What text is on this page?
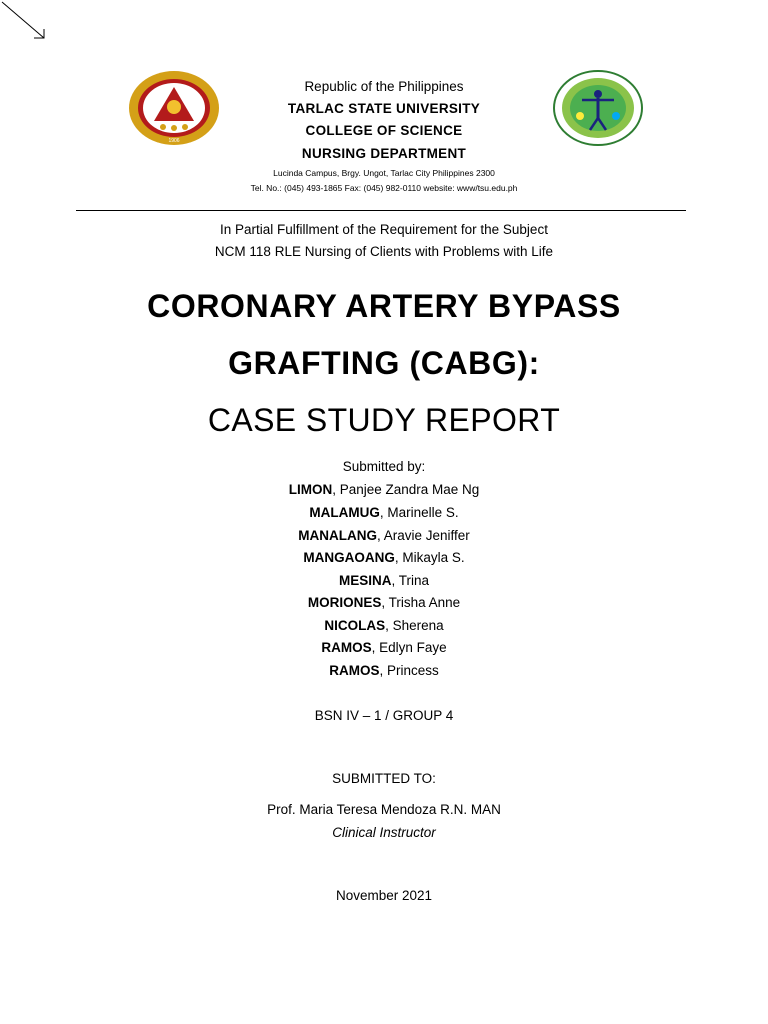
1906
Republic of the Philippines
TARLAC STATE UNIVERSITY
COLLEGE OF SCIENCE
NURSING DEPARTMENT
Lucinda Campus, Brgy. Ungot, Tarlac City Philippines 2300
Tel. No.: (045) 493-1865 Fax: (045) 982-0110 website: www/tsu.edu.ph
In Partial Fulfillment of the Requirement for the Subject
NCM 118 RLE Nursing of Clients with Problems with Life
CORONARY ARTERY BYPASS
GRAFTING (CABG):
CASE STUDY REPORT
Submitted by:
LIMON, Panjee Zandra Mae Ng
MALAMUG, Marinelle S.
MANALANG, Aravie Jeniffer
MANGAOANG, Mikayla S.
MESINA, Trina
MORIONES, Trisha Anne
NICOLAS, Sherena
RAMOS, Edlyn Faye
RAMOS, Princess
BSN IV – 1 / GROUP 4
SUBMITTED TO:
Prof. Maria Teresa Mendoza R.N. MAN
Clinical Instructor
November 2021
